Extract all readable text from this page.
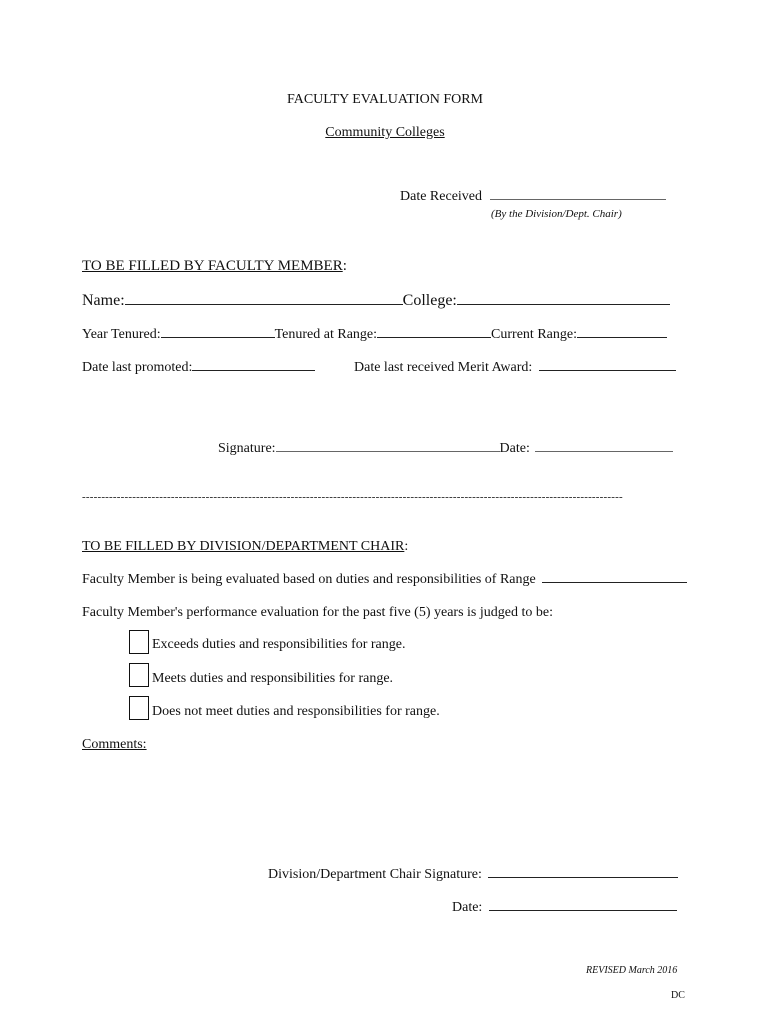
FACULTY EVALUATION FORM
Community Colleges
Date Received
(By the Division/Dept. Chair)
TO BE FILLED BY FACULTY MEMBER:
Name:	College:
Year Tenured:	Tenured at Range:	Current Range:
Date last promoted:	Date last received Merit Award:
Signature:	Date:
--------------------------------------------------------------------------------------------------------------------------------------------
TO BE FILLED BY DIVISION/DEPARTMENT CHAIR:
Faculty Member is being evaluated based on duties and responsibilities of Range
Faculty Member's performance evaluation for the past five (5) years is judged to be:
Exceeds duties and responsibilities for range.
Meets duties and responsibilities for range.
Does not meet duties and responsibilities for range.
Comments:
Division/Department Chair Signature:
Date:
REVISED March 2016
DC
